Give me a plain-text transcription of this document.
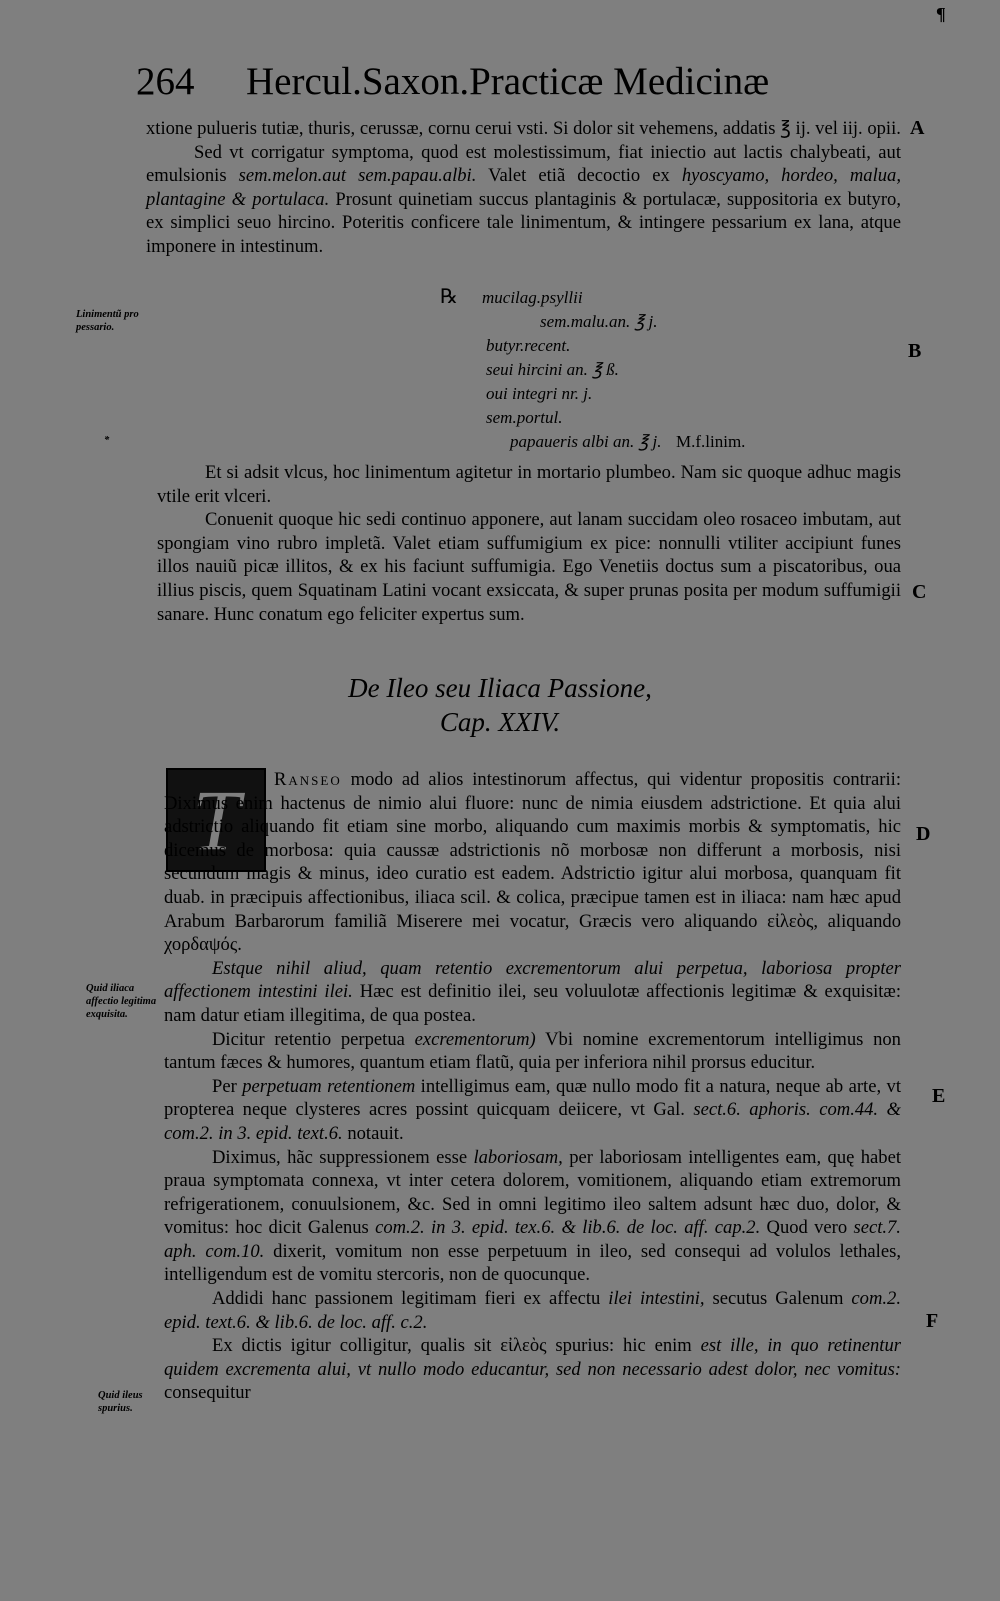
¶
264 Hercul.Saxon.Practicæ Medicinæ
A
B
C
D
E
F
Linimentũ pro pessario.
*
Quid iliaca affectio legitima exquisita.
Quid ileus spurius.

xtione pulueris tutiæ, thuris, cerussæ, cornu cerui vsti. Si dolor sit vehemens, addatis ℥ ij. vel iij. opii.

Sed vt corrigatur symptoma, quod est molestissimum, fiat iniectio aut lactis chalybeati, aut emulsionis sem.melon.aut sem.papau.albi. Valet etiã decoctio ex hyoscyamo, hordeo, malua, plantagine & portulaca. Prosunt quinetiam succus plantaginis & portulacæ, suppositoria ex butyro, ex simplici seuo hircino. Poteritis conficere tale linimentum, & intingere pessarium ex lana, atque imponere in intestinum.

℞ mucilag.psyllii
sem.malu.an. ℥ j.
butyr.recent.
seui hircini an. ℥ ß.
oui integri nr. j.
sem.portul.
papaueris albi an. ℥ j. M.f.linim.

Et si adsit vlcus, hoc linimentum agitetur in mortario plumbeo. Nam sic quoque adhuc magis vtile erit vlceri.

Conuenit quoque hic sedi continuo apponere, aut lanam succidam oleo rosaceo imbutam, aut spongiam vino rubro impletã. Valet etiam suffumigium ex pice: nonnulli vtiliter accipiunt funes illos nauiũ picæ illitos, & ex his faciunt suffumigia. Ego Venetiis doctus sum a piscatoribus, oua illius piscis, quem Squatinam Latini vocant exsiccata, & super prunas posita per modum suffumigii sanare. Hunc conatum ego feliciter expertus sum.

De Ileo seu Iliaca Passione,
Cap. XXIV.
T	Ranseo modo ad alios intestinorum affectus, qui videntur propositis contrarii: Diximus enim hactenus de nimio alui fluore: nunc de nimia eiusdem adstrictione. Et quia alui adstrictio aliquando fit etiam sine morbo, aliquando cum maximis morbis & symptomatis, hic dicemus de morbosa: quia caussæ adstrictionis nõ morbosæ non differunt a morbosis, nisi secundum magis & minus, ideo curatio est eadem. Adstrictio igitur alui morbosa, quanquam fit duab. in præcipuis affectionibus, iliaca scil. & colica, præcipue tamen est in iliaca: nam hæc apud Arabum Barbarorum familiã Miserere mei vocatur, Græcis vero aliquando εἰλεὸς, aliquando χορδαψός.

Estque nihil aliud, quam retentio excrementorum alui perpetua, laboriosa propter affectionem intestini ilei. Hæc est definitio ilei, seu voluulotæ affectionis legitimæ & exquisitæ: nam datur etiam illegitima, de qua postea.

Dicitur retentio perpetua excrementorum) Vbi nomine excrementorum intelligimus non tantum fæces & humores, quantum etiam flatũ, quia per inferiora nihil prorsus educitur.

Per perpetuam retentionem intelligimus eam, quæ nullo modo fit a natura, neque ab arte, vt propterea neque clysteres acres possint quicquam deiicere, vt Gal. sect.6. aphoris. com.44. & com.2. in 3. epid. text.6. notauit.

Diximus, hãc suppressionem esse laboriosam, per laboriosam intelligentes eam, quę habet praua symptomata connexa, vt inter cetera dolorem, vomitionem, aliquando etiam extremorum refrigerationem, conuulsionem, &c. Sed in omni legitimo ileo saltem adsunt hæc duo, dolor, & vomitus: hoc dicit Galenus com.2. in 3. epid. tex.6. & lib.6. de loc. aff. cap.2. Quod vero sect.7. aph. com.10. dixerit, vomitum non esse perpetuum in ileo, sed consequi ad volulos lethales, intelligendum est de vomitu stercoris, non de quocunque.

Addidi hanc passionem legitimam fieri ex affectu ilei intestini, secutus Galenum com.2. epid. text.6. & lib.6. de loc. aff. c.2.

Ex dictis igitur colligitur, qualis sit εἰλεὸς spurius: hic enim est ille, in quo retinentur quidem excrementa alui, vt nullo modo educantur, sed non necessario adest dolor, nec vomitus: consequitur
